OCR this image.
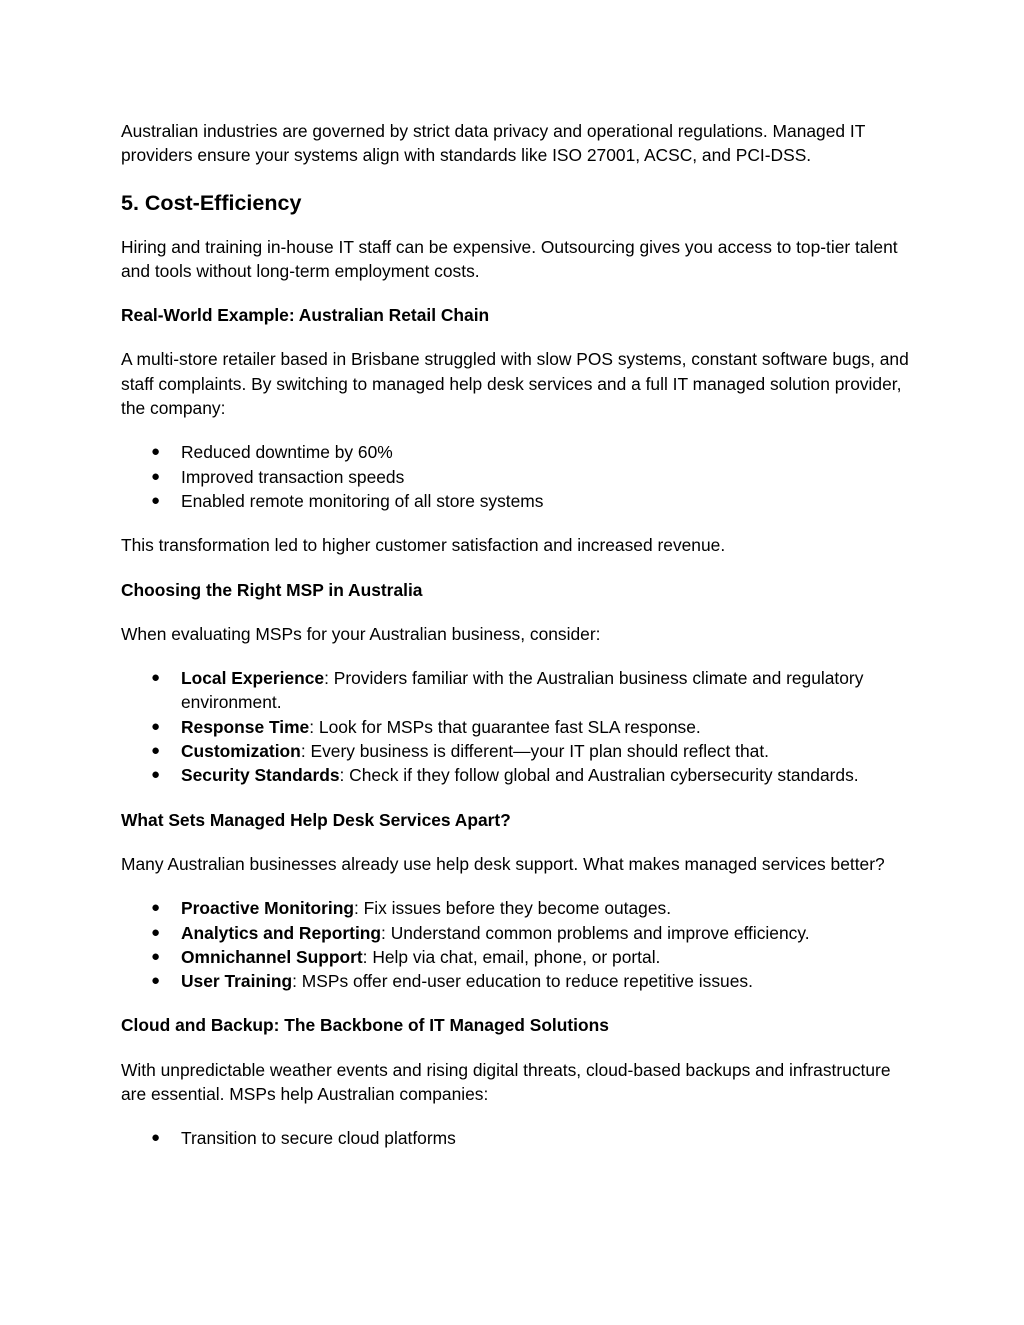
Australian industries are governed by strict data privacy and operational regulations. Managed IT providers ensure your systems align with standards like ISO 27001, ACSC, and PCI-DSS.

5. Cost-Efficiency

Hiring and training in-house IT staff can be expensive. Outsourcing gives you access to top-tier talent and tools without long-term employment costs.

Real-World Example: Australian Retail Chain

A multi-store retailer based in Brisbane struggled with slow POS systems, constant software bugs, and staff complaints. By switching to managed help desk services and a full IT managed solution provider, the company:

● Reduced downtime by 60%
● Improved transaction speeds
● Enabled remote monitoring of all store systems

This transformation led to higher customer satisfaction and increased revenue.

Choosing the Right MSP in Australia

When evaluating MSPs for your Australian business, consider:

● Local Experience: Providers familiar with the Australian business climate and regulatory environment.
● Response Time: Look for MSPs that guarantee fast SLA response.
● Customization: Every business is different—your IT plan should reflect that.
● Security Standards: Check if they follow global and Australian cybersecurity standards.

What Sets Managed Help Desk Services Apart?

Many Australian businesses already use help desk support. What makes managed services better?

● Proactive Monitoring: Fix issues before they become outages.
● Analytics and Reporting: Understand common problems and improve efficiency.
● Omnichannel Support: Help via chat, email, phone, or portal.
● User Training: MSPs offer end-user education to reduce repetitive issues.

Cloud and Backup: The Backbone of IT Managed Solutions

With unpredictable weather events and rising digital threats, cloud-based backups and infrastructure are essential. MSPs help Australian companies:

● Transition to secure cloud platforms
